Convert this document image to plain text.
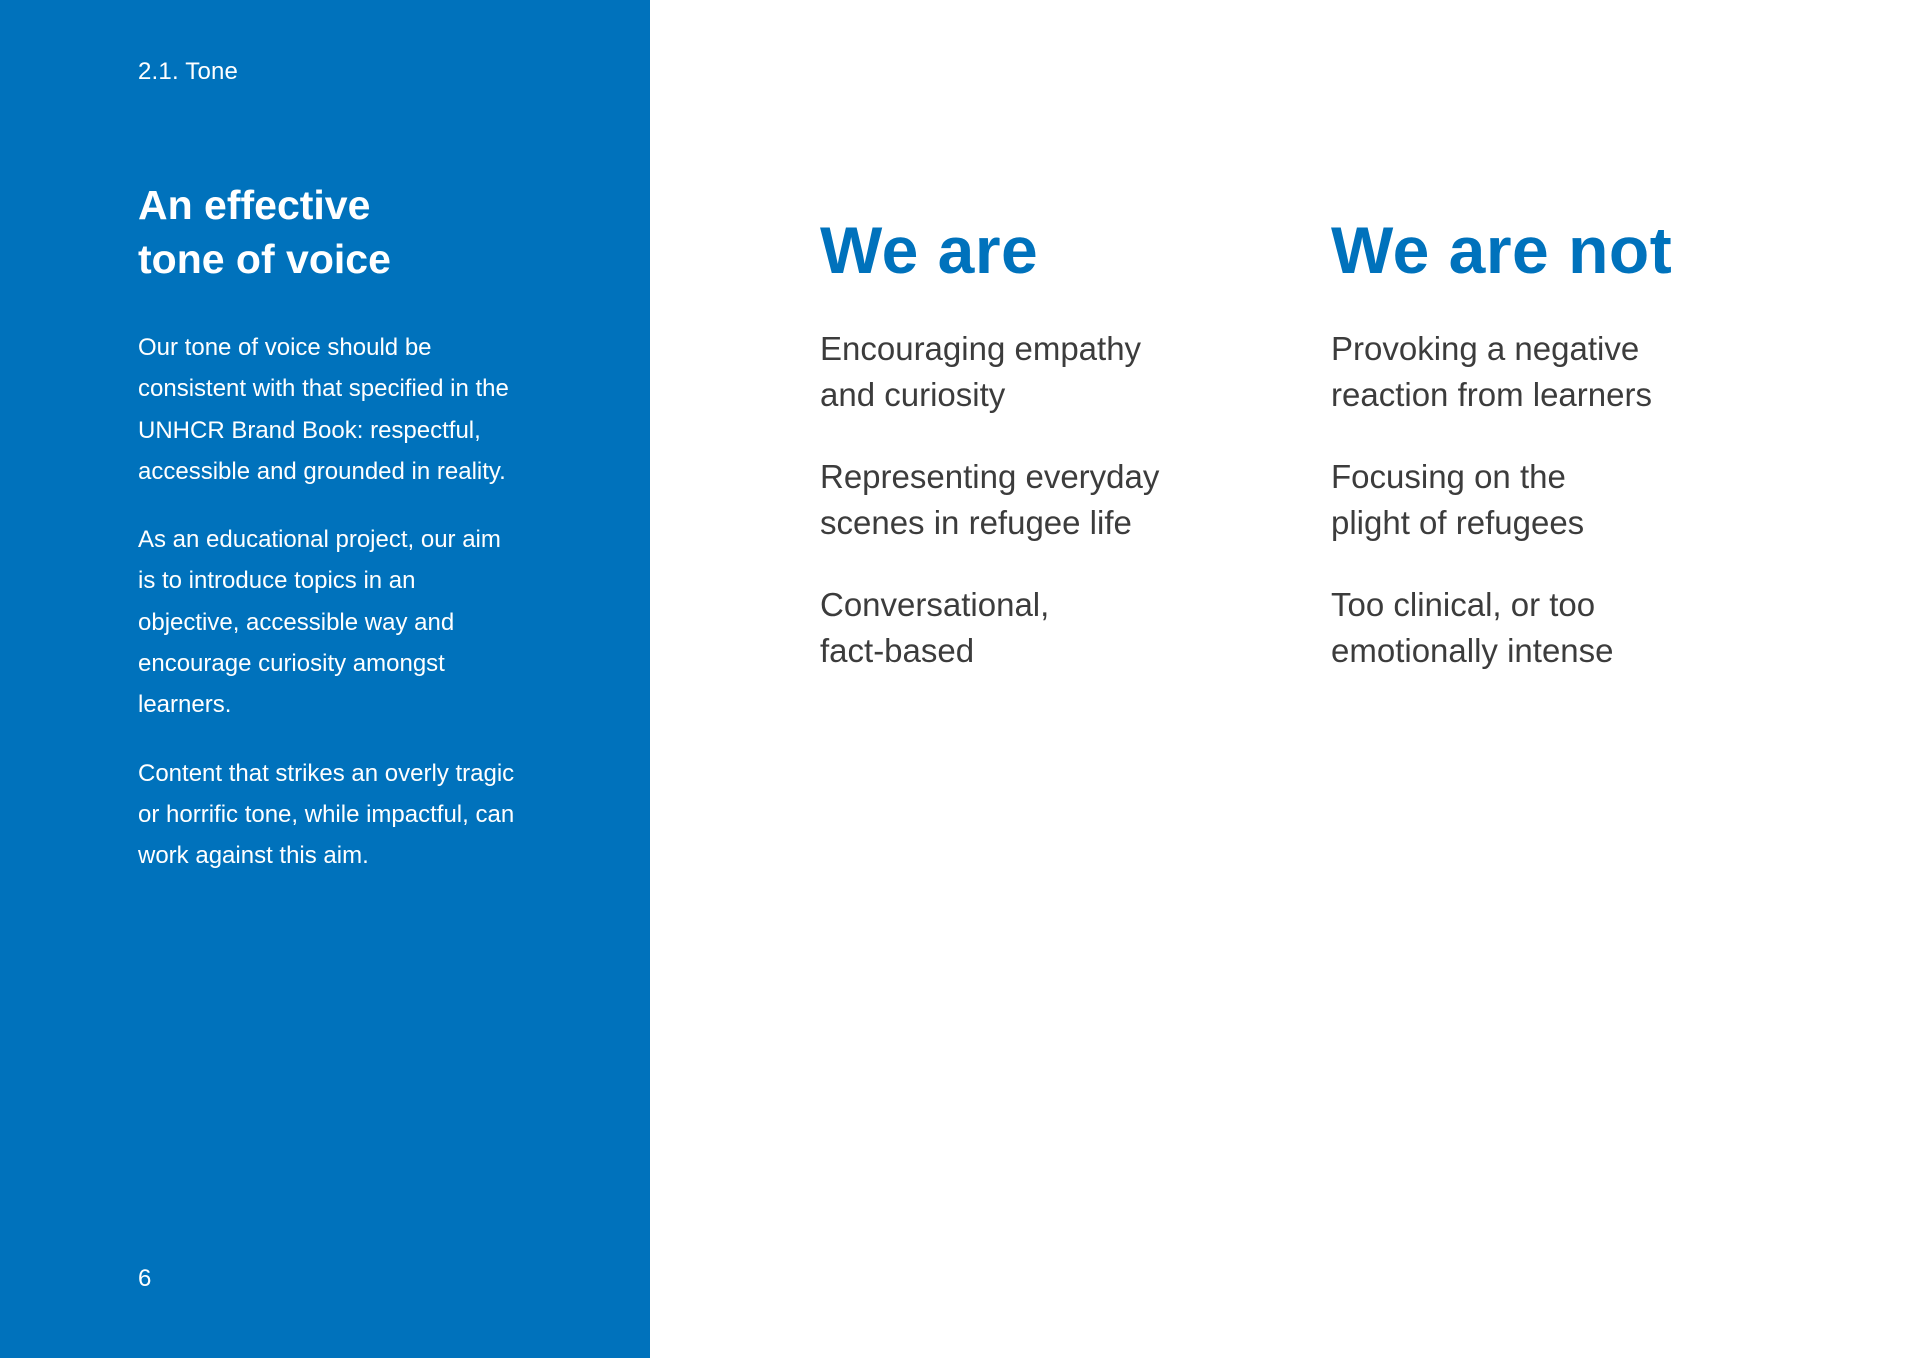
2.1. Tone
An effective
tone of voice

Our tone of voice should be consistent with that specified in the UNHCR Brand Book: respectful, accessible and grounded in reality.

As an educational project, our aim is to introduce topics in an objective, accessible way and encourage curiosity amongst learners.

Content that strikes an overly tragic or horrific tone, while impactful, can work against this aim.

6
We are
Encouraging empathy
and curiosity
Representing everyday
scenes in refugee life
Conversational,
fact-based
We are not
Provoking a negative
reaction from learners
Focusing on the
plight of refugees
Too clinical, or too
emotionally intense
